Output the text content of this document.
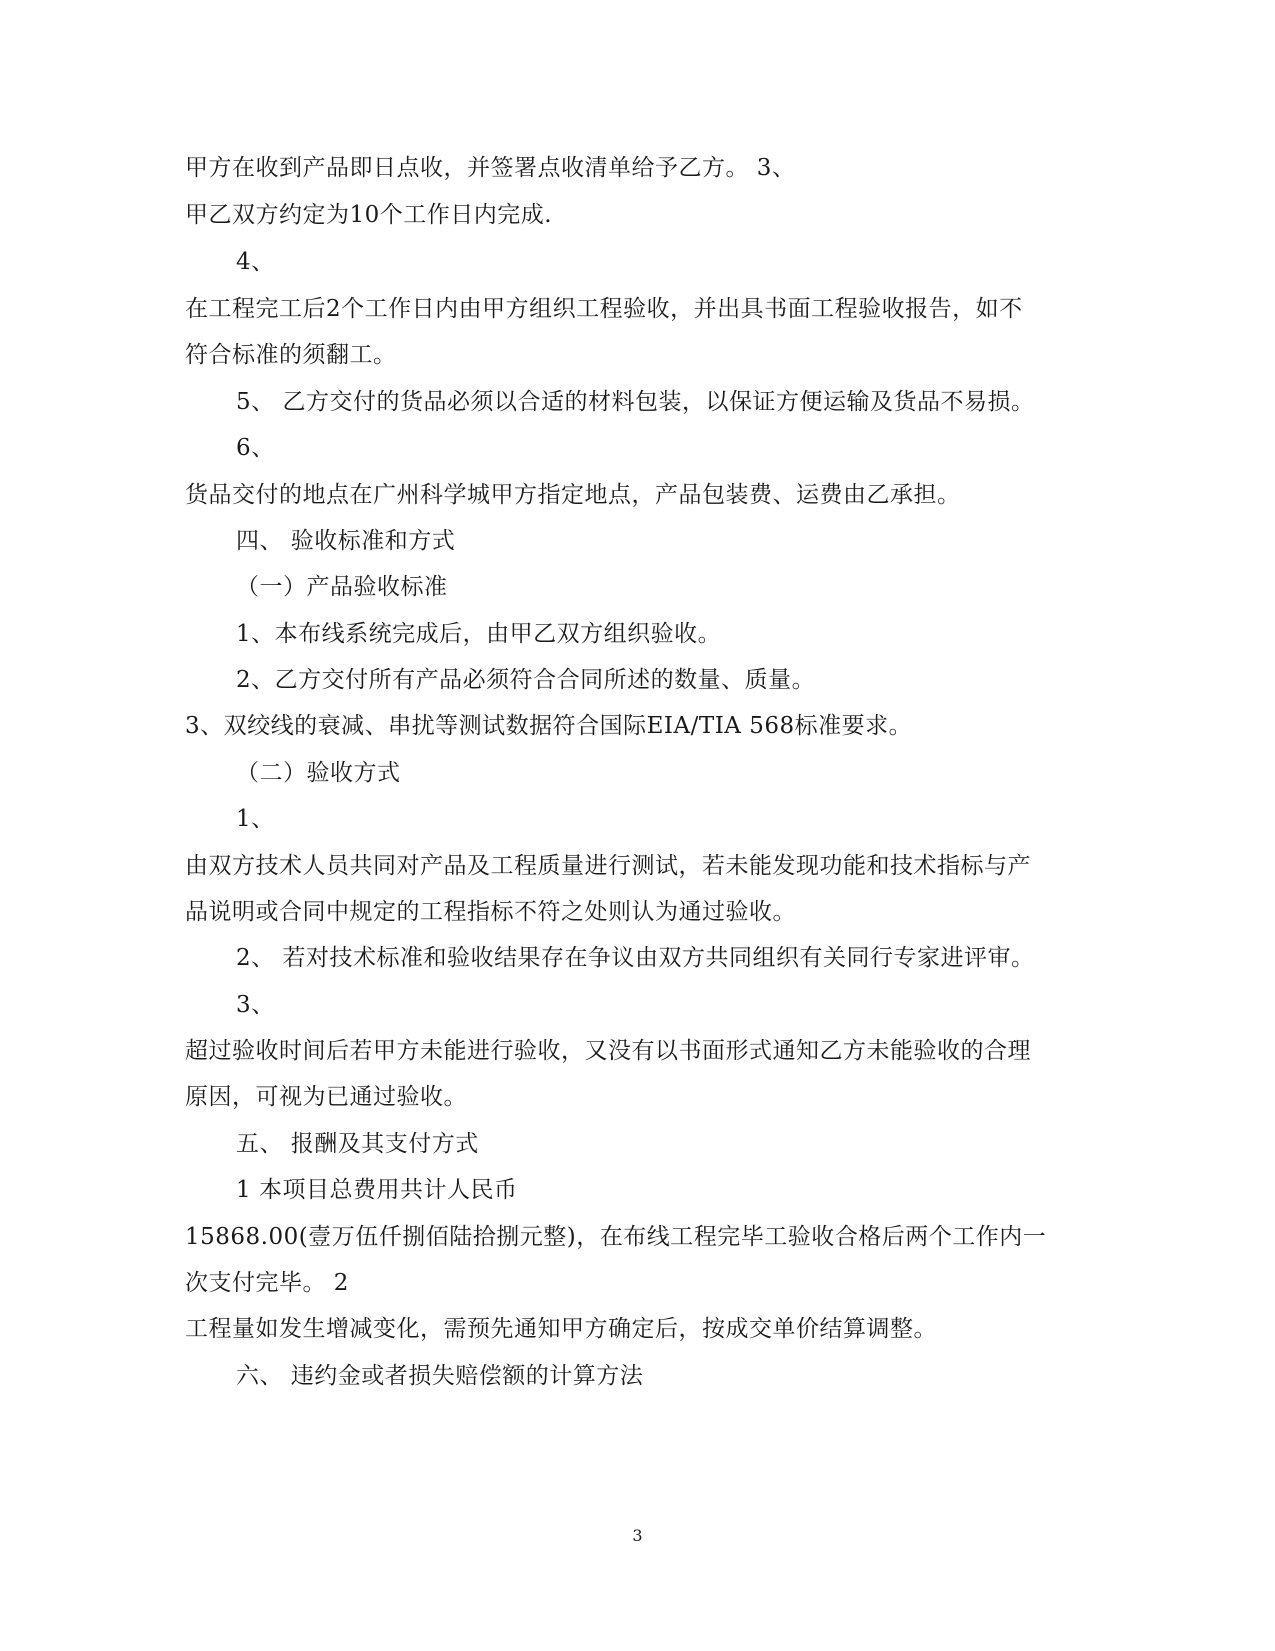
甲方在收到产品即日点收，并签署点收清单给予乙方。 3、
甲乙双方约定为10个工作日内完成.
4、
在工程完工后2个工作日内由甲方组织工程验收，并出具书面工程验收报告，如不
符合标准的须翻工。
5、 乙方交付的货品必须以合适的材料包装，以保证方便运输及货品不易损。
6、
货品交付的地点在广州科学城甲方指定地点，产品包装费、运费由乙承担。
四、 验收标准和方式
（一）产品验收标准
1、本布线系统完成后，由甲乙双方组织验收。
2、乙方交付所有产品必须符合合同所述的数量、质量。
3、双绞线的衰减、串扰等测试数据符合国际EIA/TIA 568标准要求。
（二）验收方式
1、
由双方技术人员共同对产品及工程质量进行测试，若未能发现功能和技术指标与产
品说明或合同中规定的工程指标不符之处则认为通过验收。
2、 若对技术标准和验收结果存在争议由双方共同组织有关同行专家进评审。
3、
超过验收时间后若甲方未能进行验收，又没有以书面形式通知乙方未能验收的合理
原因，可视为已通过验收。
五、 报酬及其支付方式
1 本项目总费用共计人民币
15868.00(壹万伍仟捌佰陆拾捌元整)，在布线工程完毕工验收合格后两个工作内一
次支付完毕。 2
工程量如发生增减变化，需预先通知甲方确定后，按成交单价结算调整。
六、 违约金或者损失赔偿额的计算方法
3
